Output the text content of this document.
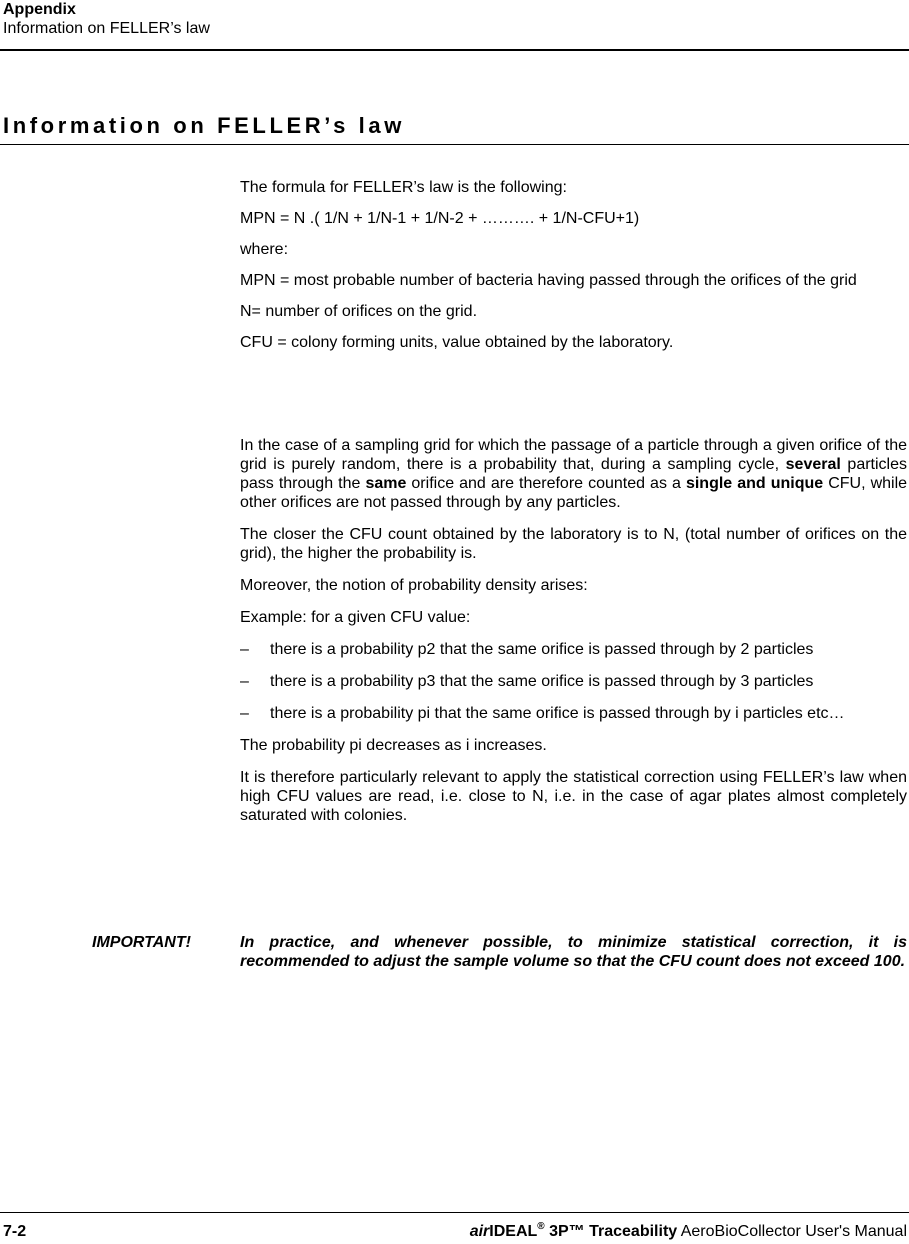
Appendix
Information on FELLER’s law
Information on FELLER’s law

The formula for FELLER’s law is the following:

MPN = N .( 1/N + 1/N-1 + 1/N-2 + ………. + 1/N-CFU+1)

where:

MPN = most probable number of bacteria having passed through the orifices of the grid

N= number of orifices on the grid.

CFU = colony forming units, value obtained by the laboratory.

In the case of a sampling grid for which the passage of a particle through a given orifice of the grid is purely random, there is a probability that, during a sampling cycle, several particles pass through the same orifice and are therefore counted as a single and unique CFU, while other orifices are not passed through by any particles.

The closer the CFU count obtained by the laboratory is to N, (total number of orifices on the grid), the higher the probability is.

Moreover, the notion of probability density arises:

Example: for a given CFU value:

– there is a probability p2 that the same orifice is passed through by 2 particles
– there is a probability p3 that the same orifice is passed through by 3 particles
– there is a probability pi that the same orifice is passed through by i particles etc…

The probability pi decreases as i increases.

It is therefore particularly relevant to apply the statistical correction using FELLER’s law when high CFU values are read, i.e. close to N, i.e. in the case of agar plates almost completely saturated with colonies.

IMPORTANT!	In practice, and whenever possible, to minimize statistical correction, it is recommended to adjust the sample volume so that the CFU count does not exceed 100.
7-2	airIDEAL® 3P™ Traceability AeroBioCollector User's Manual
